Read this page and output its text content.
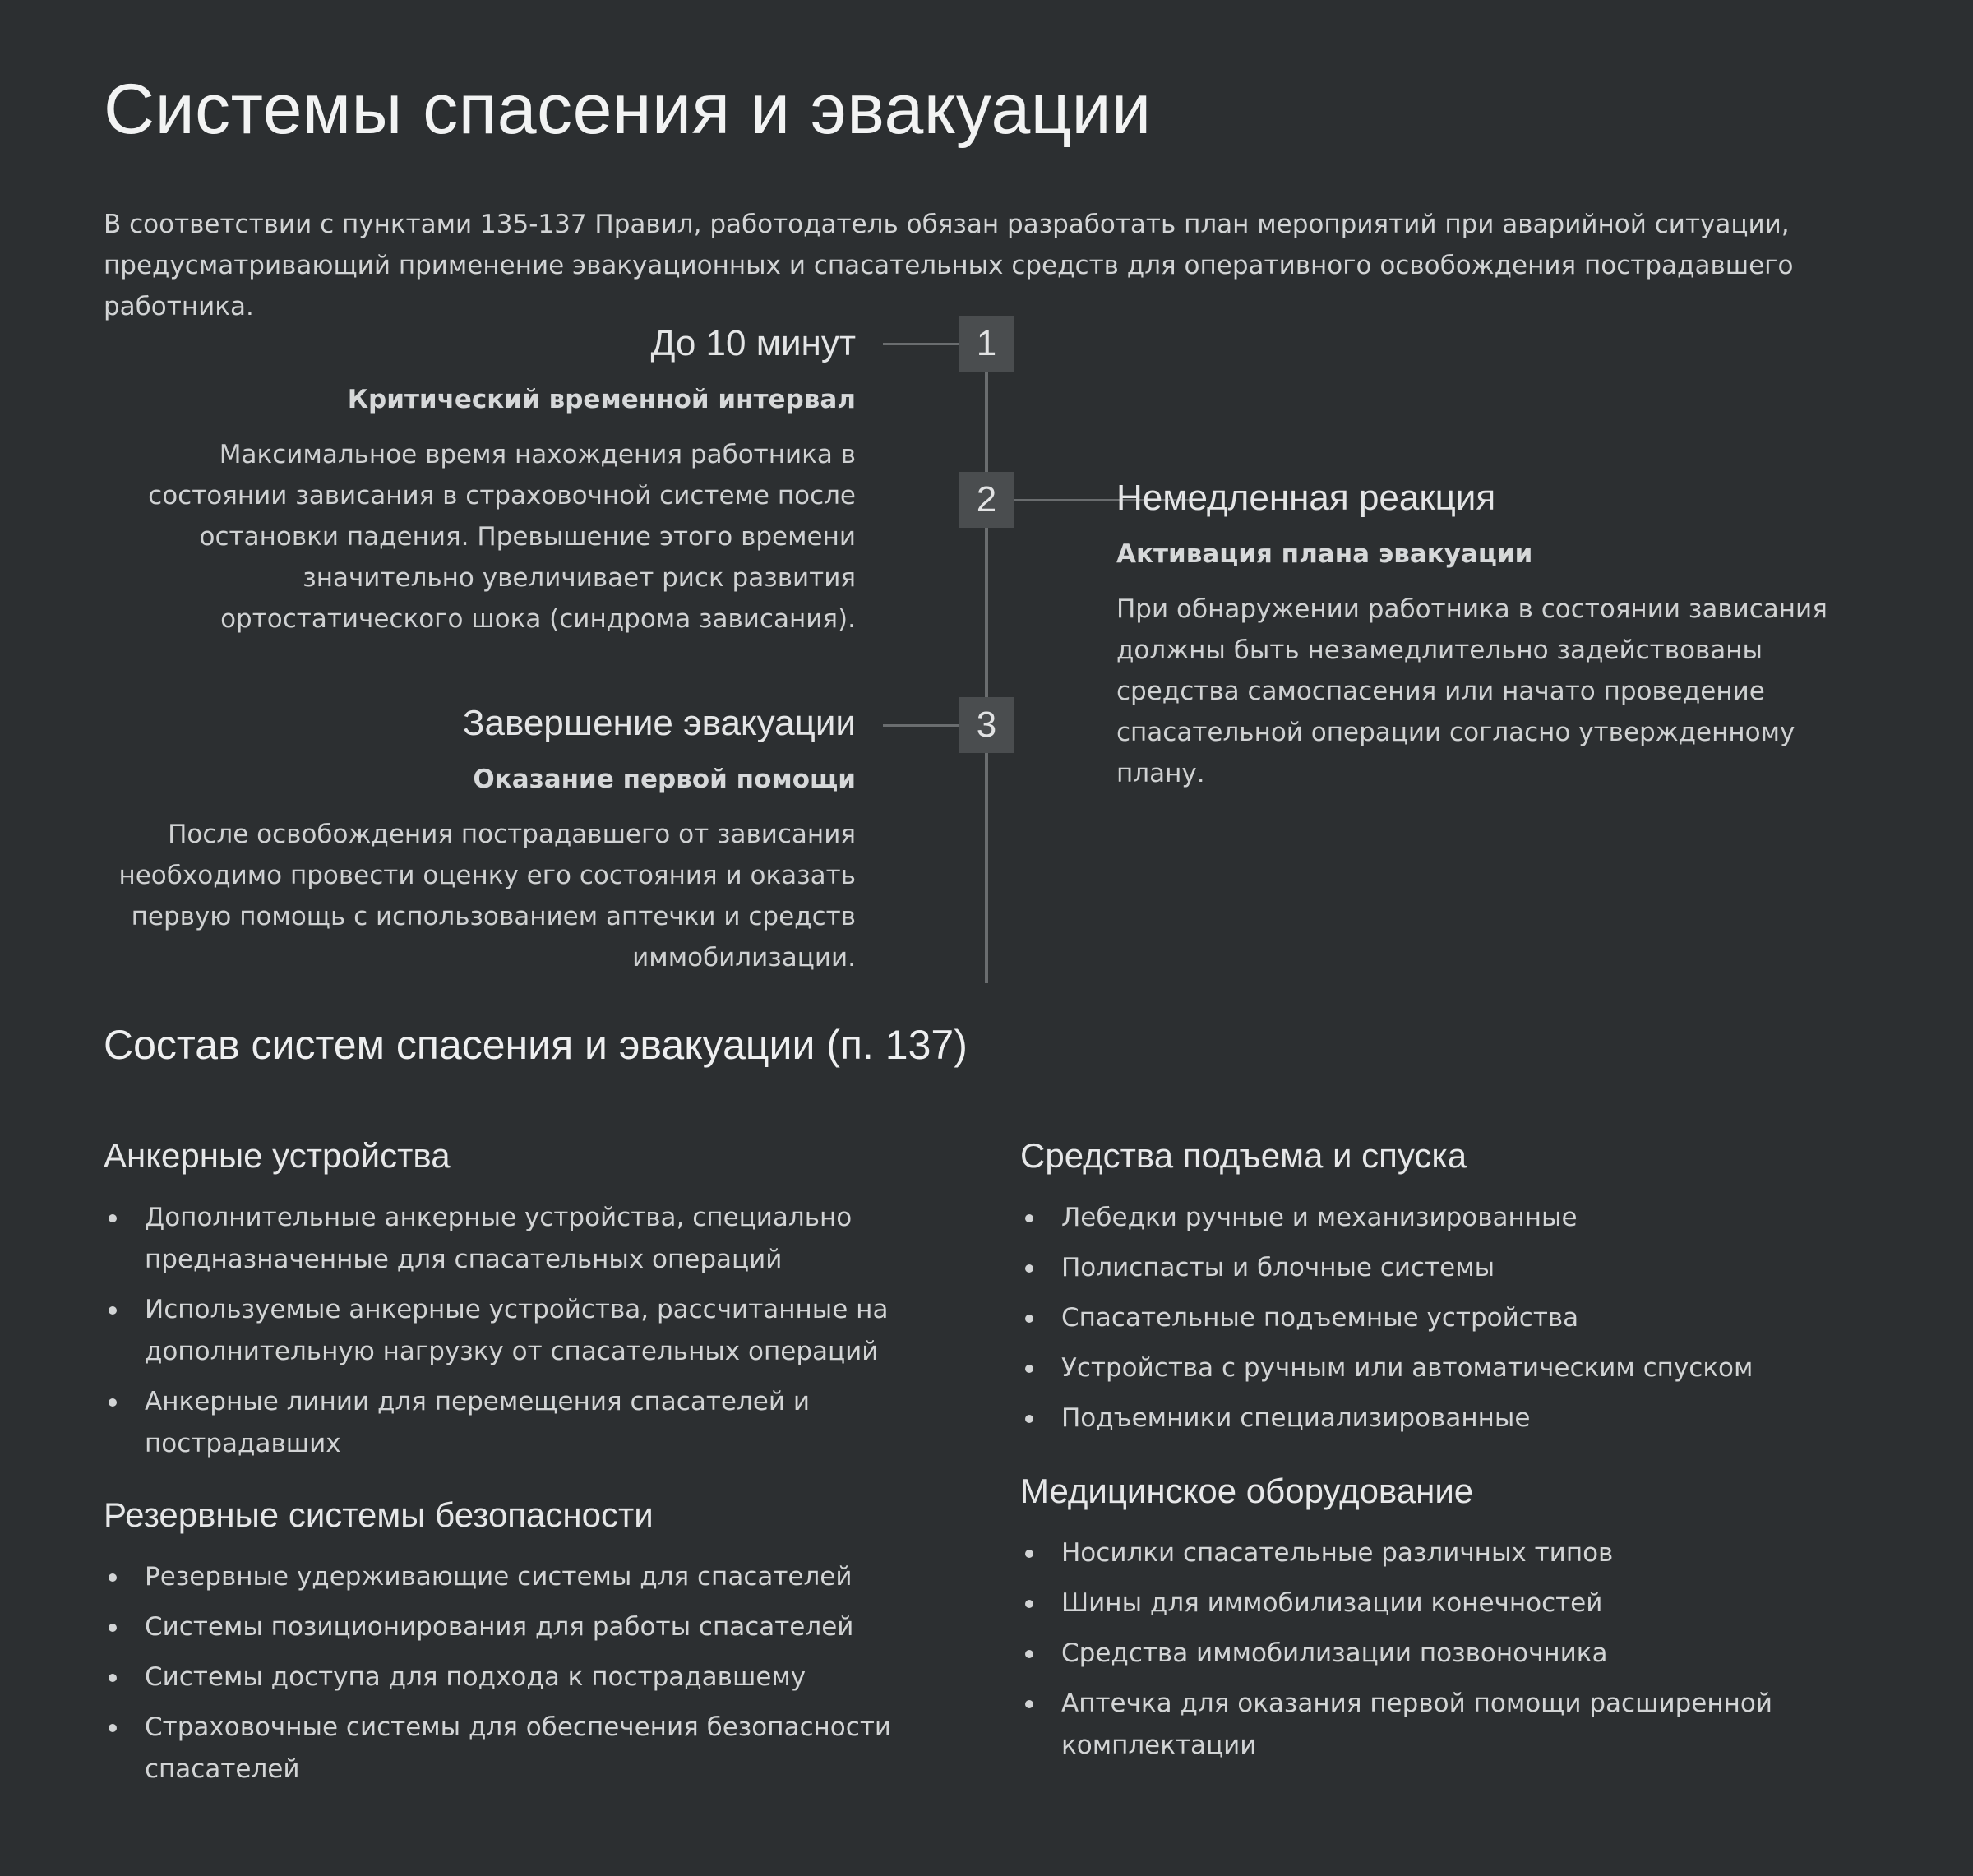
Системы спасения и эвакуации

В соответствии с пунктами 135-137 Правил, работодатель обязан разработать план мероприятий при аварийной ситуации, предусматривающий применение эвакуационных и спасательных средств для оперативного освобождения пострадавшего работника.

1

До 10 минут

Критический временной интервал

Максимальное время нахождения работника в состоянии зависания в страховочной системе после остановки падения. Превышение этого времени значительно увеличивает риск развития ортостатического шока (синдрома зависания).

2	Немедленная реакция

Активация плана эвакуации

При обнаружении работника в состоянии зависания должны быть незамедлительно задействованы средства самоспасения или начато проведение спасательной операции согласно утвержденному плану.

3

Завершение эвакуации

Оказание первой помощи

После освобождения пострадавшего от зависания необходимо провести оценку его состояния и оказать первую помощь с использованием аптечки и средств иммобилизации.

Состав систем спасения и эвакуации (п. 137)
Анкерные устройства
Дополнительные анкерные устройства, специально предназначенные для спасательных операций
Используемые анкерные устройства, рассчитанные на дополнительную нагрузку от спасательных операций
Анкерные линии для перемещения спасателей и пострадавших
Резервные системы безопасности
Резервные удерживающие системы для спасателей
Системы позиционирования для работы спасателей
Системы доступа для подхода к пострадавшему
Страховочные системы для обеспечения безопасности спасателей
Средства подъема и спуска
Лебедки ручные и механизированные
Полиспасты и блочные системы
Спасательные подъемные устройства
Устройства с ручным или автоматическим спуском
Подъемники специализированные
Медицинское оборудование
Носилки спасательные различных типов
Шины для иммобилизации конечностей
Средства иммобилизации позвоночника
Аптечка для оказания первой помощи расширенной комплектации
